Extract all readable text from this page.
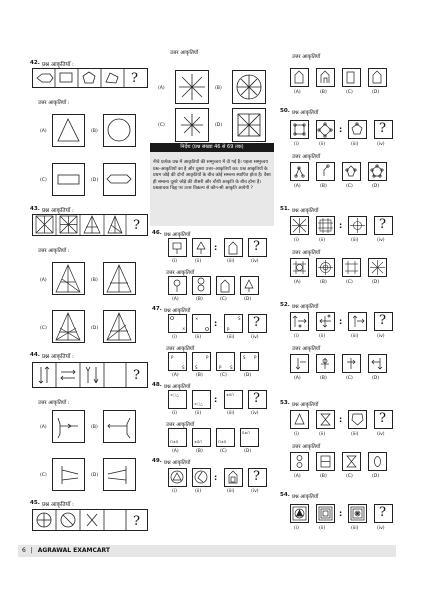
42. प्रश्न आकृतियाँ :
?
उत्तर आकृतियाँ :
(A)	(B)
(C)	(D)
43. प्रश्न आकृतियाँ :
?
उत्तर आकृतियाँ :
(A)	(B)
(C)	(D)
44. प्रश्न आकृतियाँ :
?
उत्तर आकृतियाँ :
(A)	(B)
(C)	(D)
45. प्रश्न आकृतियाँ :
?
उत्तर आकृतियाँ
(A)	(B)
(C)	(D)
नीचे प्रत्येक प्रश्न में आकृतियों की सम्मुच्चय में दी गई है। पहला सम्मुच्चय प्रश्न–आकृतियों का है और दूसरा उत्तर–आकृतियों का। प्रश्न आकृतियों के प्रथम जोड़े की दोनों आकृतियों के बीच कोई सम्बन्ध स्थापित होता है। वैसा ही सम्बन्ध दूसरे जोड़े की तीसरी और चौथी आकृति के बीच होना है। प्रश्नवाचक चिह्न पर उत्तर विकल्प से कौन-सी आकृति आयेगी ?
निर्देश (प्रश्न संख्या 46 से 69 तक)
46. प्रश्न आकृतियाँ
:	?
(i)	(ii)	(iii)	(iv)
उत्तर आकृतियाँ
(A)	(B)	(C)	(D)
47. प्रश्न आकृतियाँ
:	?
(i)	(ii)	(iii)	(iv)
उत्तर आकृतियाँ
(A)	(B)	(C)	(D)
×
×
P
S
P
S	S
P
P S
S P
48. प्रश्न आकृतियाँ
:	?
(i)	(ii)	(iii)	(iv)
उत्तर आकृतियाँ
(A)	(B)	(C)	(D)
×○△
×○△
∗S⊓
⊓∗S	∗S⊓	⊓∗S
S∗⊓
49. प्रश्न आकृतियाँ
:	?
(i)	(ii)	(iii)	(iv)
उत्तर आकृतियाँ
(A)	(B)	(C)	(D)
50. प्रश्न आकृतियाँ
:	?
(i)	(ii)	(iii)	(iv)
उत्तर आकृतियाँ
(A)	(B)	(C)	(D)
51. प्रश्न आकृतियाँ
:	?
(i)	(ii)	(iii)	(iv)
उत्तर आकृतियाँ
(A)	(B)	(C)	(D)
52. प्रश्न आकृतियाँ
:	?
(i)	(ii)	(iii)	(iv)
उत्तर आकृतियाँ
(A)	(B)	(C)	(D)
53. प्रश्न आकृतियाँ
:	?
(i)	(ii)	(iii)	(iv)
उत्तर आकृतियाँ
(A)	(B)	(C)	(D)
54. प्रश्न आकृतियाँ
:	?
(i)	(ii)	(iii)	(iv)
6 | AGRAWAL EXAMCART
